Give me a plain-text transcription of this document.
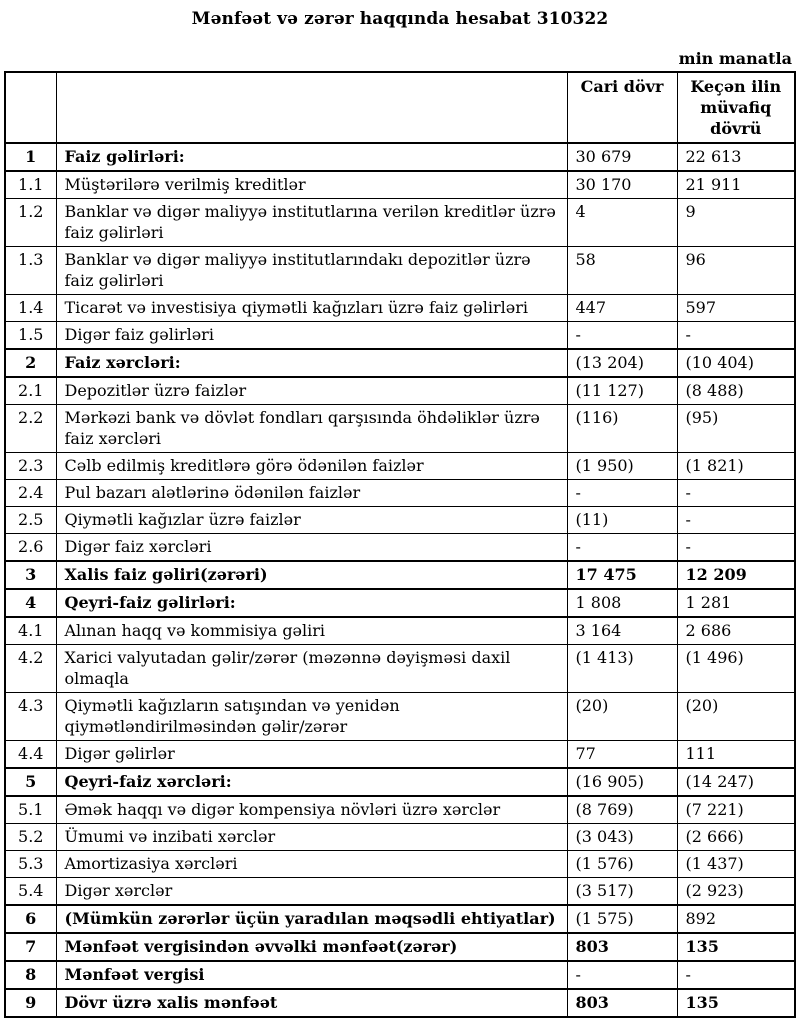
Mənfəət və zərər haqqında hesabat 310322
min manatla
		Cari dövr	Keçən ilin müvafiq dövrü
1	Faiz gəlirləri:	30 679	22 613
1.1	Müştərilərə verilmiş kreditlər	30 170	21 911
1.2	Banklar və digər maliyyə institutlarına verilən kreditlər üzrə faiz gəlirləri	4	9
1.3	Banklar və digər maliyyə institutlarındakı depozitlər üzrə faiz gəlirləri	58	96
1.4	Ticarət və investisiya qiymətli kağızları üzrə faiz gəlirləri	447	597
1.5	Digər faiz gəlirləri	-	-
2	Faiz xərcləri:	(13 204)	(10 404)
2.1	Depozitlər üzrə faizlər	(11 127)	(8 488)
2.2	Mərkəzi bank və dövlət fondları qarşısında öhdəliklər üzrə faiz xərcləri	(116)	(95)
2.3	Cəlb edilmiş kreditlərə görə ödənilən faizlər	(1 950)	(1 821)
2.4	Pul bazarı alətlərinə ödənilən faizlər	-	-
2.5	Qiymətli kağızlar üzrə faizlər	(11)	-
2.6	Digər faiz xərcləri	-	-
3	Xalis faiz gəliri(zərəri)	17 475	12 209
4	Qeyri-faiz gəlirləri:	1 808	1 281
4.1	Alınan haqq və kommisiya gəliri	3 164	2 686
4.2	Xarici valyutadan gəlir/zərər (məzənnə dəyişməsi daxil olmaqla	(1 413)	(1 496)
4.3	Qiymətli kağızların satışından və yenidən qiymətləndirilməsindən gəlir/zərər	(20)	(20)
4.4	Digər gəlirlər	77	111
5	Qeyri-faiz xərcləri:	(16 905)	(14 247)
5.1	Əmək haqqı və digər kompensiya növləri üzrə xərclər	(8 769)	(7 221)
5.2	Ümumi və inzibati xərclər	(3 043)	(2 666)
5.3	Amortizasiya xərcləri	(1 576)	(1 437)
5.4	Digər xərclər	(3 517)	(2 923)
6	(Mümkün zərərlər üçün yaradılan məqsədli ehtiyatlar)	(1 575)	892
7	Mənfəət vergisindən əvvəlki mənfəət(zərər)	803	135
8	Mənfəət vergisi	-	-
9	Dövr üzrə xalis mənfəət	803	135
